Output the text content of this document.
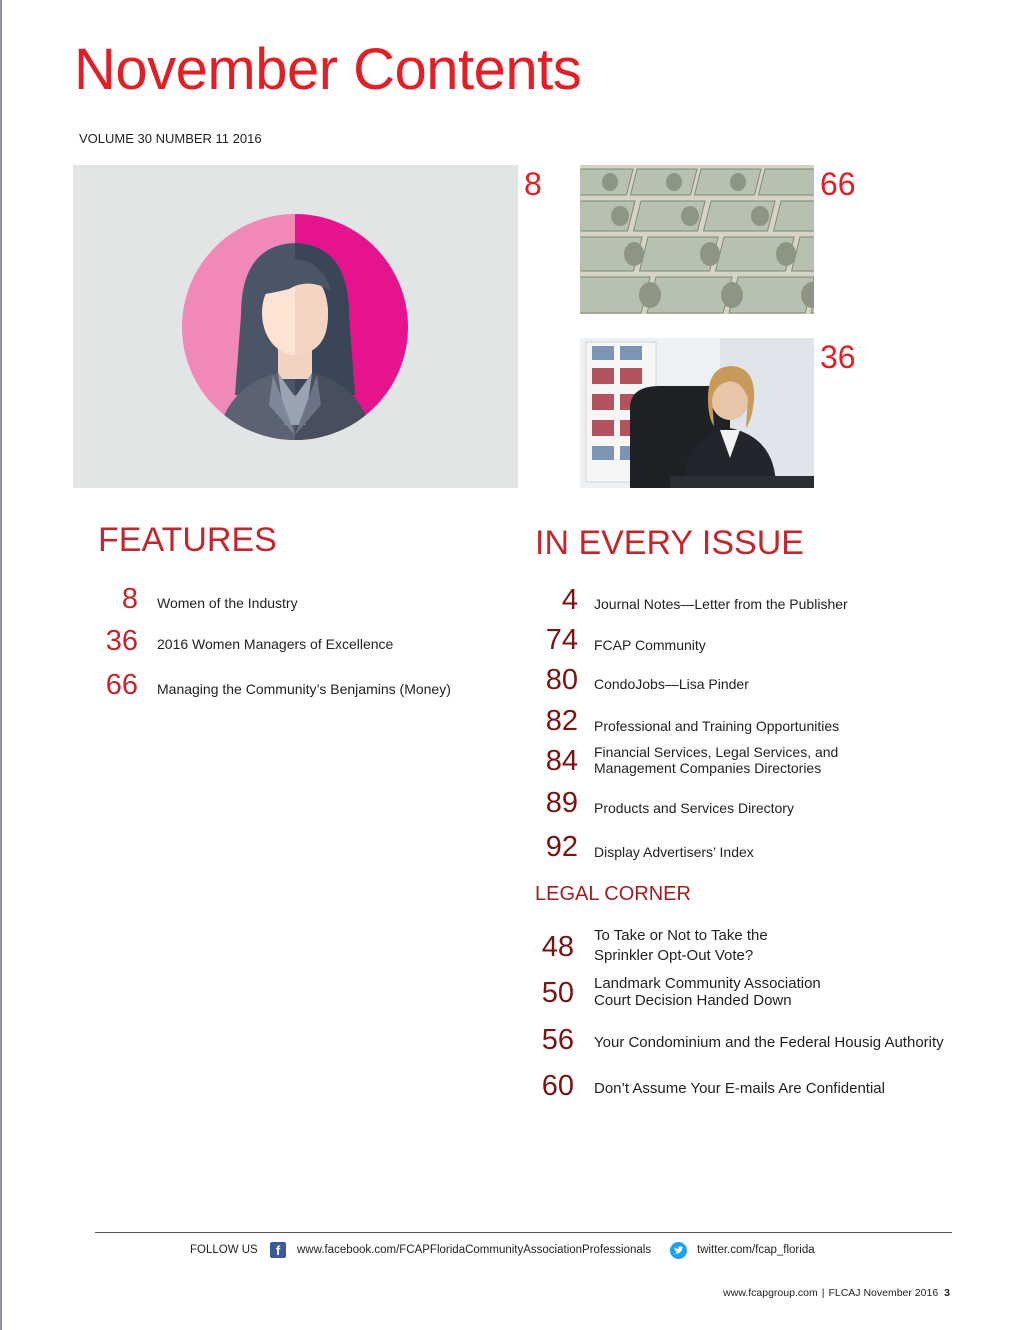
November Contents
VOLUME 30 NUMBER 11 2016
8	66
36
FEATURES
8 Women of the Industry
36 2016 Women Managers of Excellence
66 Managing the Community’s Benjamins (Money)
IN EVERY ISSUE
4 Journal Notes—Letter from the Publisher
74 FCAP Community
80 CondoJobs—Lisa Pinder
82 Professional and Training Opportunities
84 Financial Services, Legal Services, and
Management Companies Directories
89 Products and Services Directory
92 Display Advertisers’ Index
LEGAL CORNER
48 To Take or Not to Take the
Sprinkler Opt-Out Vote?
50 Landmark Community Association
Court Decision Handed Down
56 Your Condominium and the Federal Housig Authority
60 Don’t Assume Your E-mails Are Confidential
FOLLOW US	f	www.facebook.com/FCAPFloridaCommunityAssociationProfessionals	twitter.com/fcap_florida
www.fcapgroup.com | FLCAJ November 2016 3
